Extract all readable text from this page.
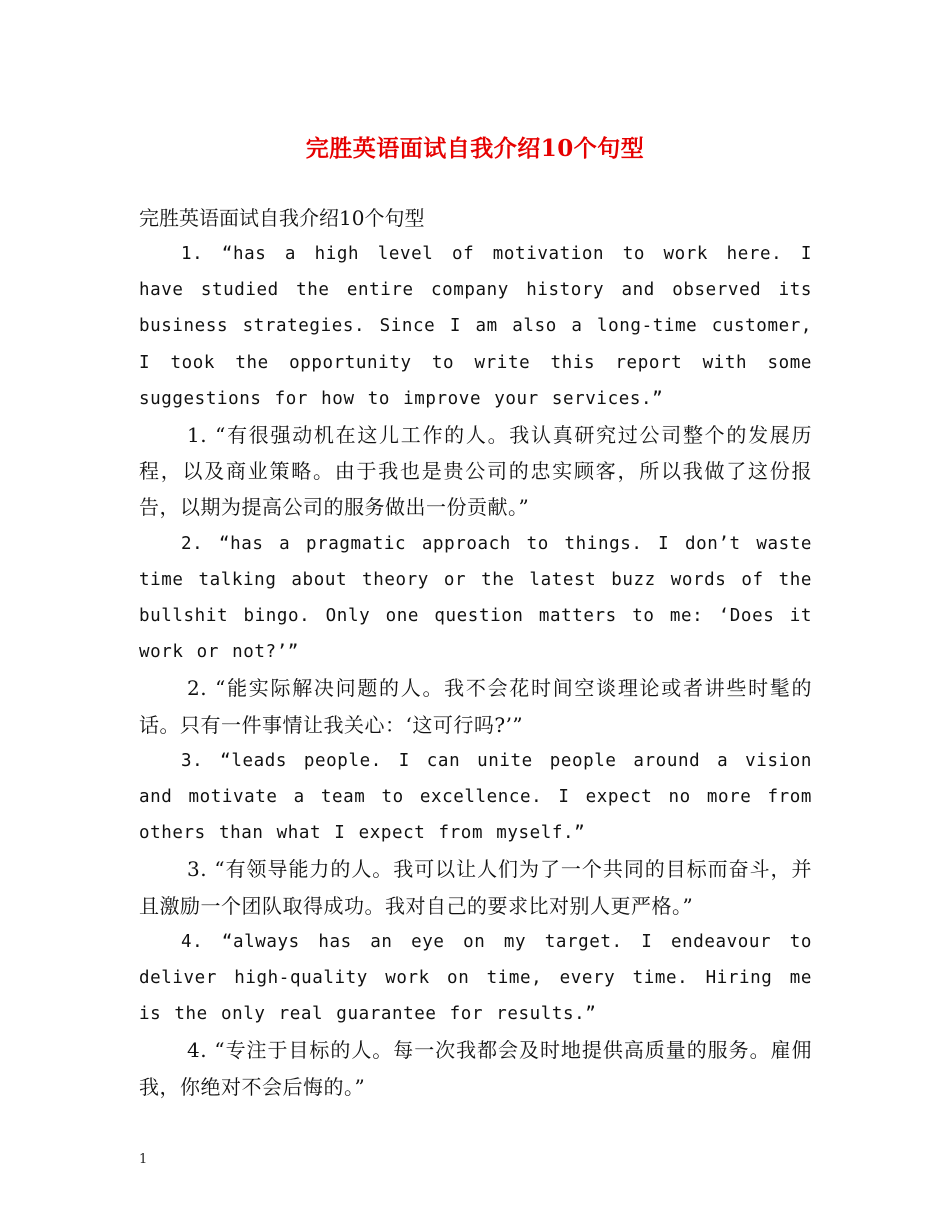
完胜英语面试自我介绍10个句型

完胜英语面试自我介绍10个句型

1. “has a high level of motivation to work here. I have studied the entire company history and observed its business strategies. Since I am also a long-time customer, I took the opportunity to write this report with some suggestions for how to improve your services.”

1. “有很强动机在这儿工作的人。我认真研究过公司整个的发展历程，以及商业策略。由于我也是贵公司的忠实顾客，所以我做了这份报告，以期为提高公司的服务做出一份贡献。”

2. “has a pragmatic approach to things. I don’t waste time talking about theory or the latest buzz words of the bullshit bingo. Only one question matters to me: ‘Does it work or not?’”

2. “能实际解决问题的人。我不会花时间空谈理论或者讲些时髦的话。只有一件事情让我关心：‘这可行吗?’”

3. “leads people. I can unite people around a vision and motivate a team to excellence. I expect no more from others than what I expect from myself.”

3. “有领导能力的人。我可以让人们为了一个共同的目标而奋斗，并且激励一个团队取得成功。我对自己的要求比对别人更严格。”

4. “always has an eye on my target. I endeavour to deliver high-quality work on time, every time. Hiring me is the only real guarantee for results.”

4. “专注于目标的人。每一次我都会及时地提供高质量的服务。雇佣我，你绝对不会后悔的。”

1
